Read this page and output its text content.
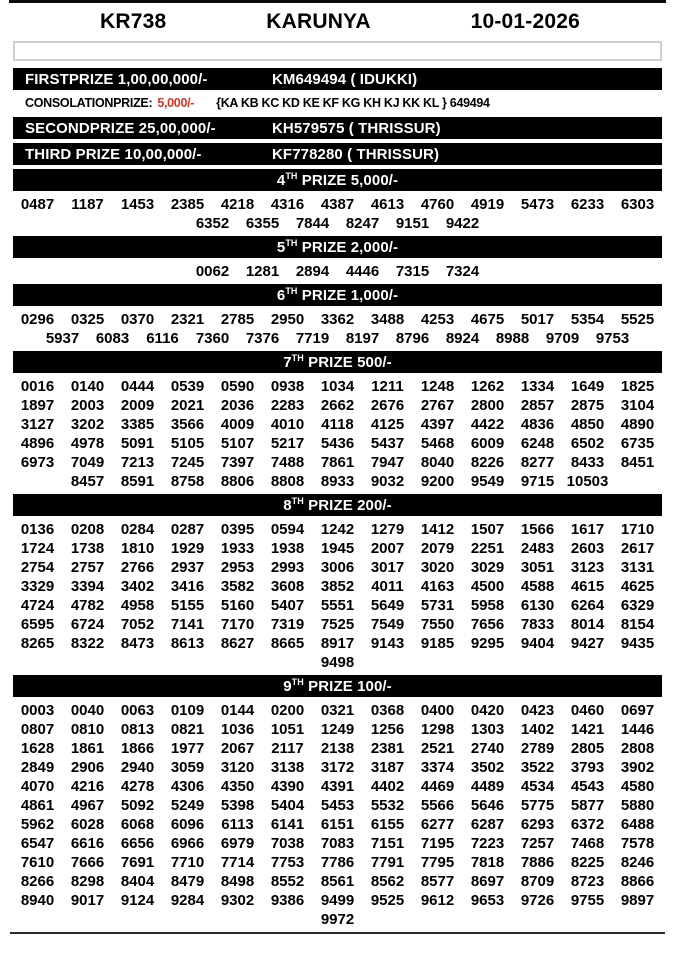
KR738	KARUNYA	10-01-2026
FIRSTPRIZE 1,00,00,000/-	KM649494 ( IDUKKI)
CONSOLATIONPRIZE: 5,000/- {KA KB KC KD KE KF KG KH KJ KK KL } 649494
SECONDPRIZE 25,00,000/-	KH579575 ( THRISSUR)
THIRD PRIZE 10,00,000/-	KF778280 ( THRISSUR)
4TH PRIZE 5,000/-
0487	1187	1453	2385	4218	4316	4387	4613	4760	4919	5473	6233	6303
6352	6355	7844	8247	9151	9422
5TH PRIZE 2,000/-
0062	1281	2894	4446	7315	7324
6TH PRIZE 1,000/-
0296	0325	0370	2321	2785	2950	3362	3488	4253	4675	5017	5354	5525
5937	6083	6116	7360	7376	7719	8197	8796	8924	8988	9709	9753
7TH PRIZE 500/-
0016	0140	0444	0539	0590	0938	1034	1211	1248	1262	1334	1649	1825
1897	2003	2009	2021	2036	2283	2662	2676	2767	2800	2857	2875	3104
3127	3202	3385	3566	4009	4010	4118	4125	4397	4422	4836	4850	4890
4896	4978	5091	5105	5107	5217	5436	5437	5468	6009	6248	6502	6735
6973	7049	7213	7245	7397	7488	7861	7947	8040	8226	8277	8433	8451
8457	8591	8758	8806	8808	8933	9032	9200	9549	9715 10503
8TH PRIZE 200/-
0136	0208	0284	0287	0395	0594	1242	1279	1412	1507	1566	1617	1710
1724	1738	1810	1929	1933	1938	1945	2007	2079	2251	2483	2603	2617
2754	2757	2766	2937	2953	2993	3006	3017	3020	3029	3051	3123	3131
3329	3394	3402	3416	3582	3608	3852	4011	4163	4500	4588	4615	4625
4724	4782	4958	5155	5160	5407	5551	5649	5731	5958	6130	6264	6329
6595	6724	7052	7141	7170	7319	7525	7549	7550	7656	7833	8014	8154
8265	8322	8473	8613	8627	8665	8917	9143	9185	9295	9404	9427	9435
9498
9TH PRIZE 100/-
0003	0040	0063	0109	0144	0200	0321	0368	0400	0420	0423	0460	0697
0807	0810	0813	0821	1036	1051	1249	1256	1298	1303	1402	1421	1446
1628	1861	1866	1977	2067	2117	2138	2381	2521	2740	2789	2805	2808
2849	2906	2940	3059	3120	3138	3172	3187	3374	3502	3522	3793	3902
4070	4216	4278	4306	4350	4390	4391	4402	4469	4489	4534	4543	4580
4861	4967	5092	5249	5398	5404	5453	5532	5566	5646	5775	5877	5880
5962	6028	6068	6096	6113	6141	6151	6155	6277	6287	6293	6372	6488
6547	6616	6656	6966	6979	7038	7083	7151	7195	7223	7257	7468	7578
7610	7666	7691	7710	7714	7753	7786	7791	7795	7818	7886	8225	8246
8266	8298	8404	8479	8498	8552	8561	8562	8577	8697	8709	8723	8866
8940	9017	9124	9284	9302	9386	9499	9525	9612	9653	9726	9755	9897
9972
